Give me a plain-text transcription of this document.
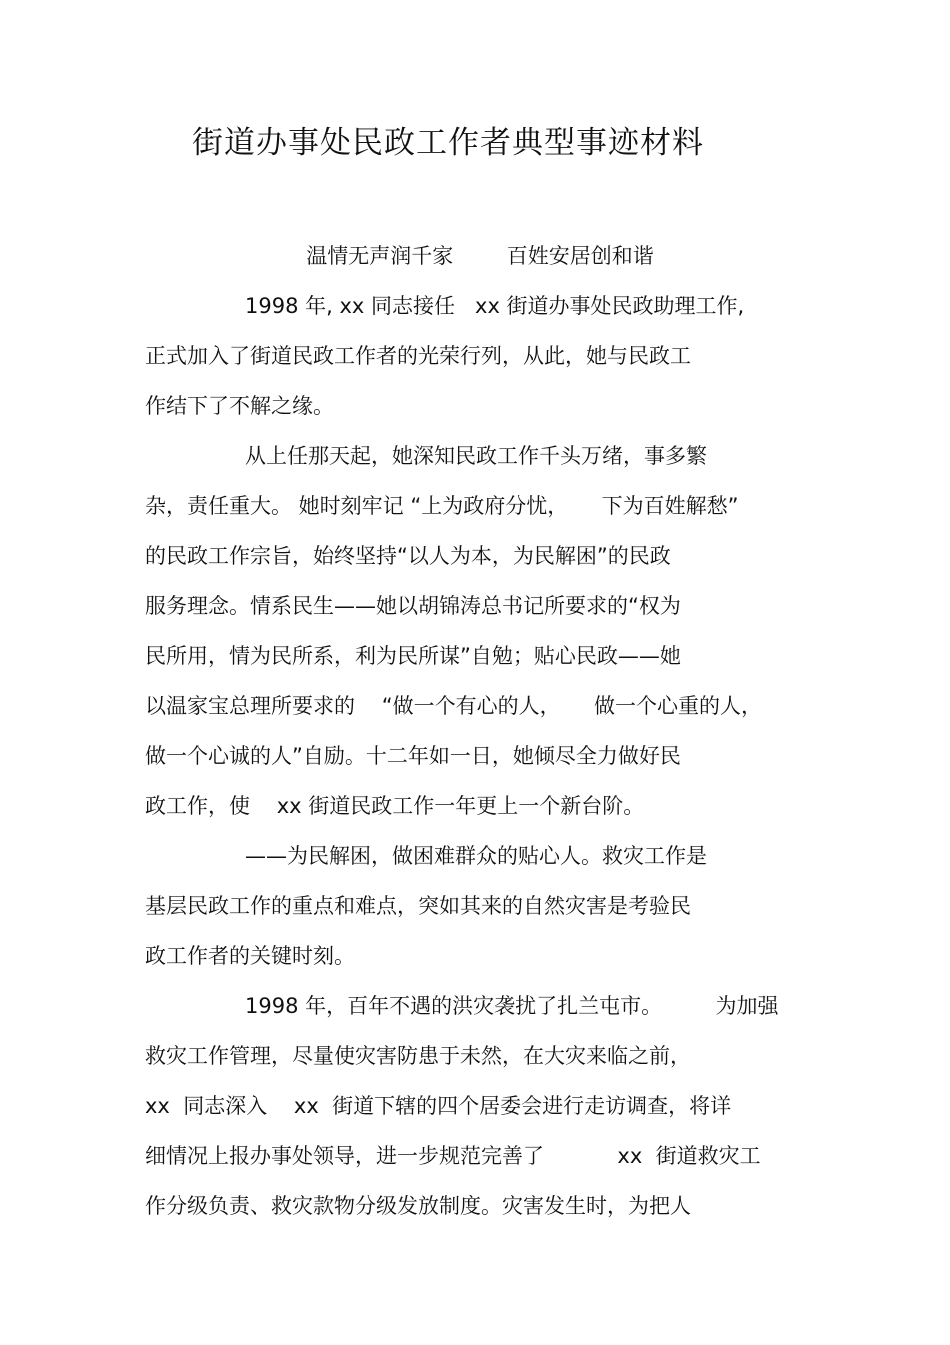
街道办事处民政工作者典型事迹材料
温情无声润千家        百姓安居创和谐
1998 年, xx 同志接任   xx 街道办事处民政助理工作,
正式加入了街道民政工作者的光荣行列，从此，她与民政工
作结下了不解之缘。
从上任那天起，她深知民政工作千头万绪，事多繁
杂，责任重大。 她时刻牢记 “上为政府分忧，     下为百姓解愁”
的民政工作宗旨，始终坚持“以人为本，为民解困”的民政
服务理念。情系民生——她以胡锦涛总书记所要求的“权为
民所用，情为民所系，利为民所谋”自勉；贴心民政——她
以温家宝总理所要求的    “做一个有心的人，     做一个心重的人，
做一个心诚的人”自励。十二年如一日，她倾尽全力做好民
政工作，使    xx 街道民政工作一年更上一个新台阶。
——为民解困，做困难群众的贴心人。救灾工作是
基层民政工作的重点和难点，突如其来的自然灾害是考验民
政工作者的关键时刻。
1998 年，百年不遇的洪灾袭扰了扎兰屯市。        为加强
救灾工作管理，尽量使灾害防患于未然，在大灾来临之前，
xx  同志深入    xx  街道下辖的四个居委会进行走访调查，将详
细情况上报办事处领导，进一步规范完善了           xx  街道救灾工
作分级负责、救灾款物分级发放制度。灾害发生时，为把人
